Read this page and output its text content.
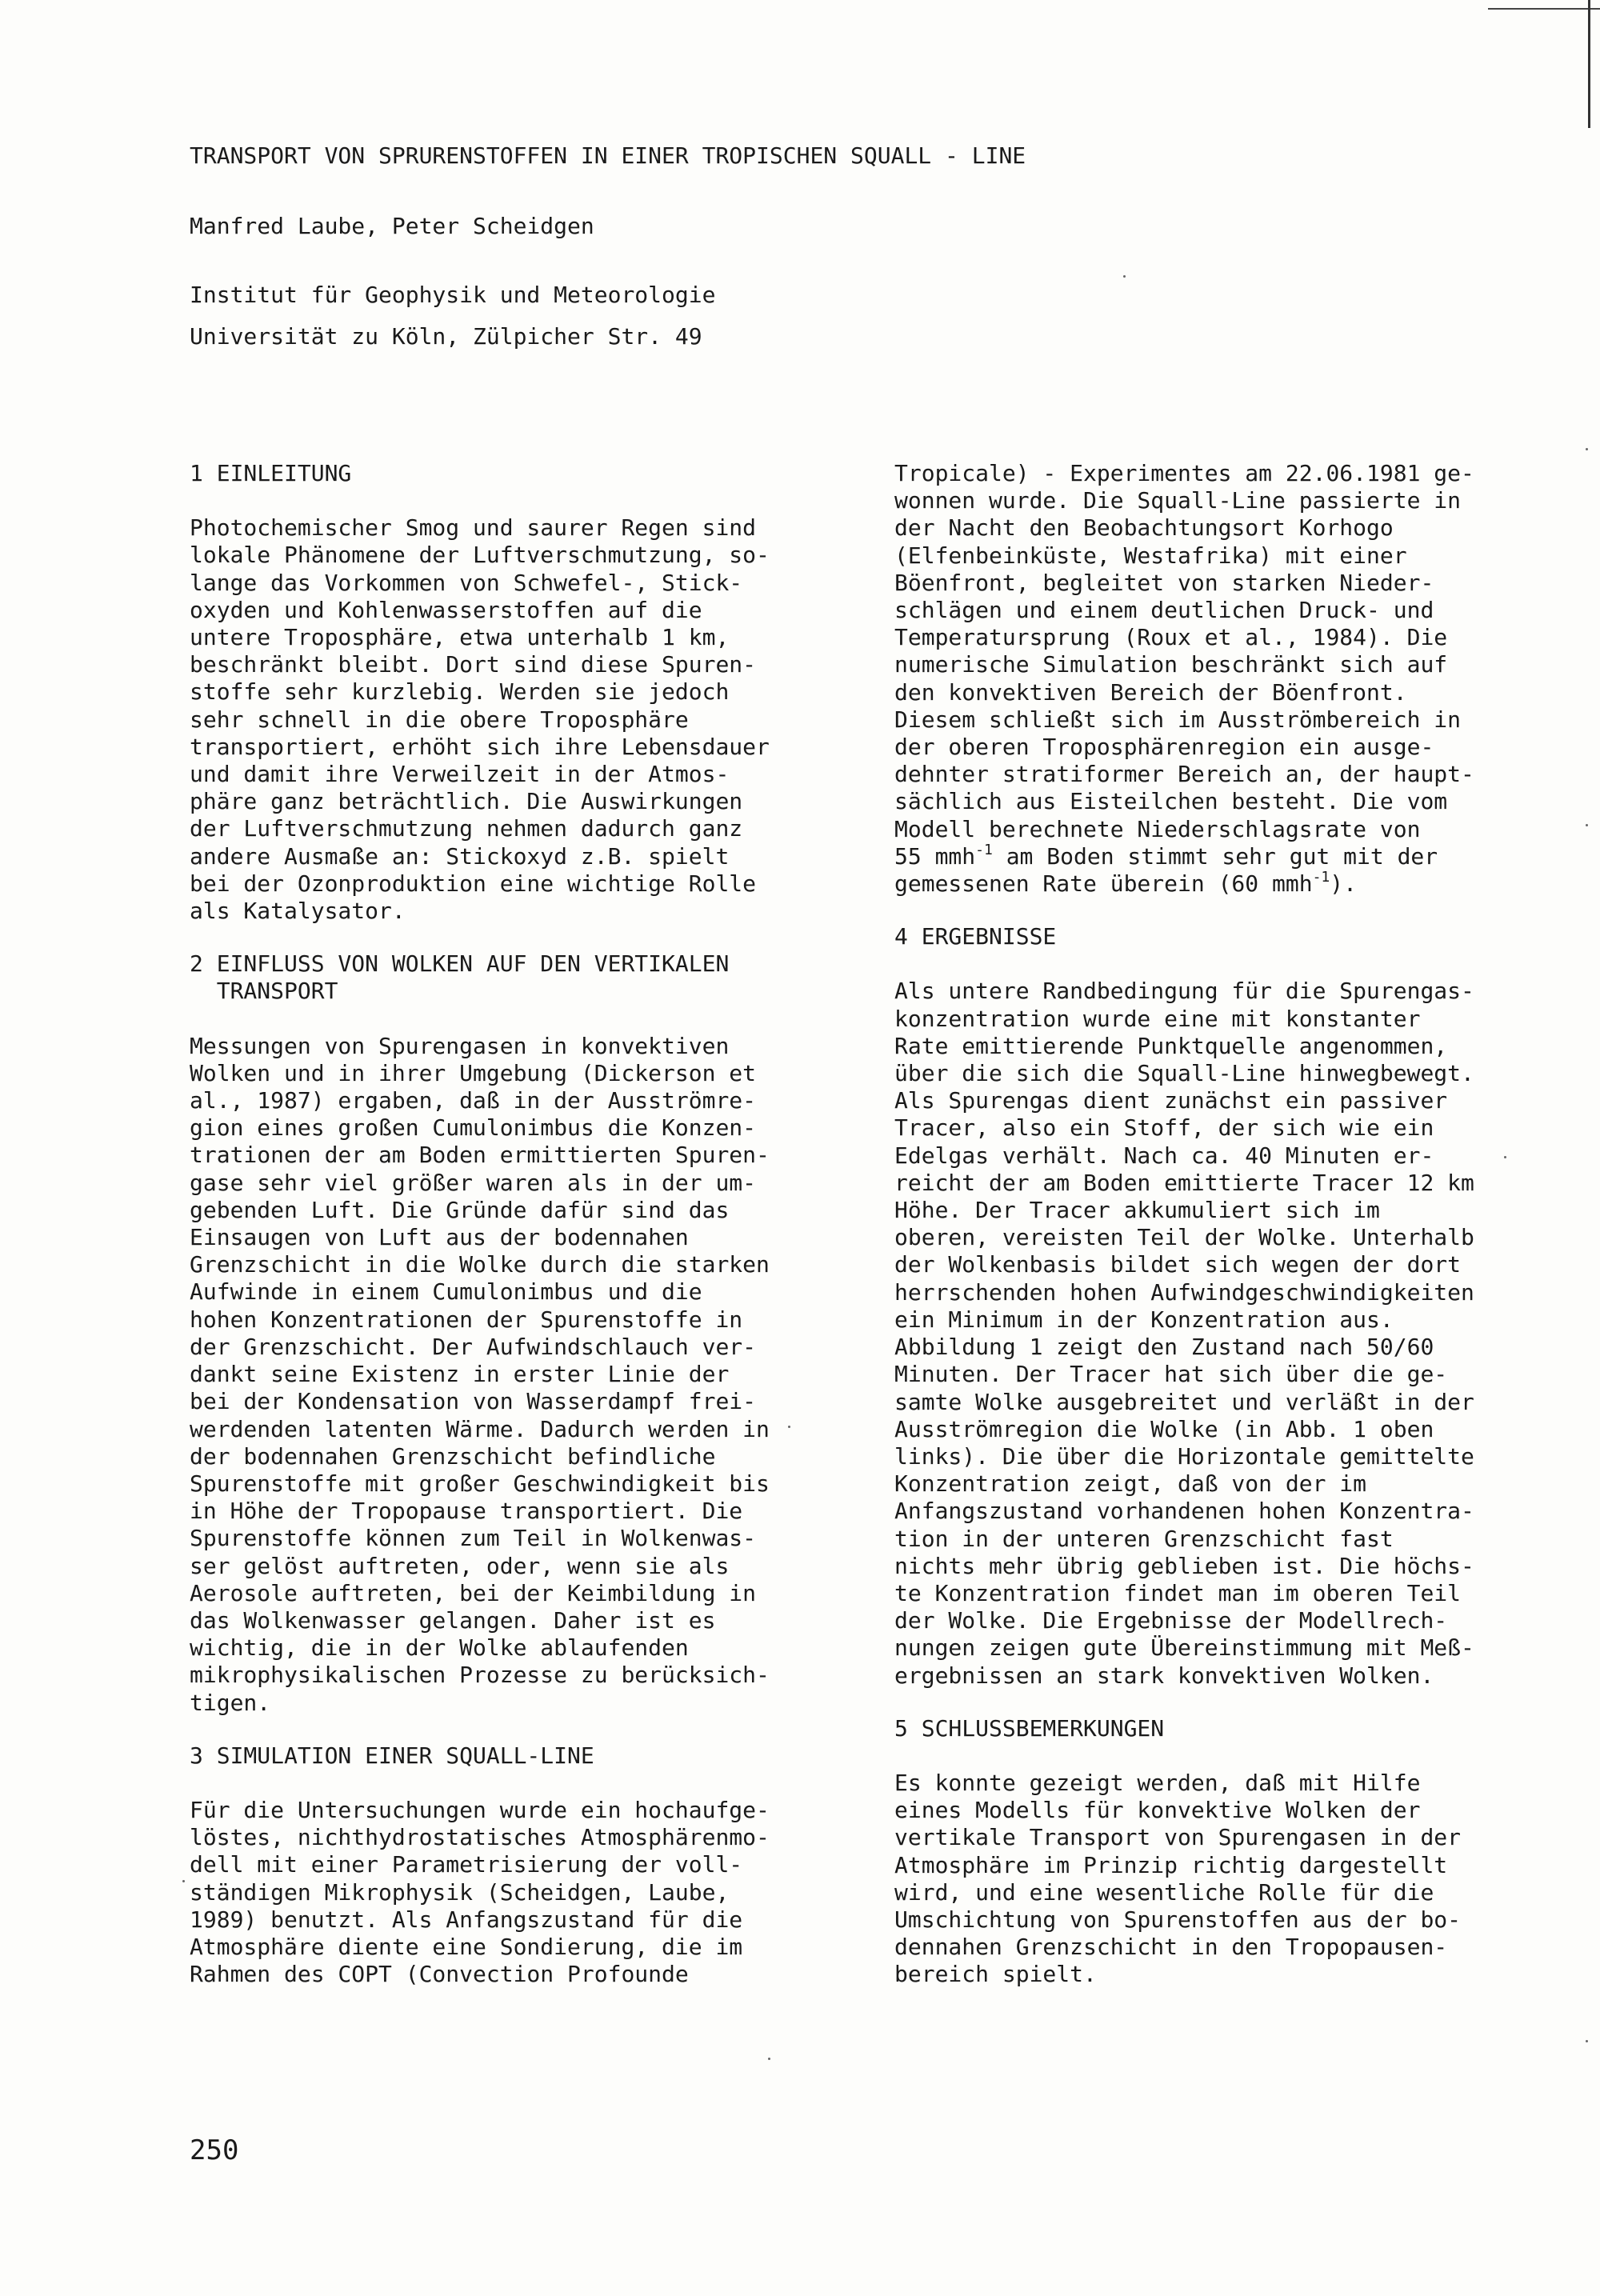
TRANSPORT VON SPRURENSTOFFEN IN EINER TROPISCHEN SQUALL - LINE
Manfred Laube, Peter Scheidgen
Institut für Geophysik und Meteorologie
Universität zu Köln, Zülpicher Str. 49
1 EINLEITUNG
Photochemischer Smog und saurer Regen sind
lokale Phänomene der Luftverschmutzung, so-
lange das Vorkommen von Schwefel-, Stick-
oxyden und Kohlenwasserstoffen auf die
untere Troposphäre, etwa unterhalb 1 km,
beschränkt bleibt. Dort sind diese Spuren-
stoffe sehr kurzlebig. Werden sie jedoch
sehr schnell in die obere Troposphäre
transportiert, erhöht sich ihre Lebensdauer
und damit ihre Verweilzeit in der Atmos-
phäre ganz beträchtlich. Die Auswirkungen
der Luftverschmutzung nehmen dadurch ganz
andere Ausmaße an: Stickoxyd z.B. spielt
bei der Ozonproduktion eine wichtige Rolle
als Katalysator.
2 EINFLUSS VON WOLKEN AUF DEN VERTIKALEN
TRANSPORT
Messungen von Spurengasen in konvektiven
Wolken und in ihrer Umgebung (Dickerson et
al., 1987) ergaben, daß in der Ausströmre-
gion eines großen Cumulonimbus die Konzen-
trationen der am Boden ermittierten Spuren-
gase sehr viel größer waren als in der um-
gebenden Luft. Die Gründe dafür sind das
Einsaugen von Luft aus der bodennahen
Grenzschicht in die Wolke durch die starken
Aufwinde in einem Cumulonimbus und die
hohen Konzentrationen der Spurenstoffe in
der Grenzschicht. Der Aufwindschlauch ver-
dankt seine Existenz in erster Linie der
bei der Kondensation von Wasserdampf frei-
werdenden latenten Wärme. Dadurch werden in
der bodennahen Grenzschicht befindliche
Spurenstoffe mit großer Geschwindigkeit bis
in Höhe der Tropopause transportiert. Die
Spurenstoffe können zum Teil in Wolkenwas-
ser gelöst auftreten, oder, wenn sie als
Aerosole auftreten, bei der Keimbildung in
das Wolkenwasser gelangen. Daher ist es
wichtig, die in der Wolke ablaufenden
mikrophysikalischen Prozesse zu berücksich-
tigen.
3 SIMULATION EINER SQUALL-LINE
Für die Untersuchungen wurde ein hochaufge-
löstes, nichthydrostatisches Atmosphärenmo-
dell mit einer Parametrisierung der voll-
ständigen Mikrophysik (Scheidgen, Laube,
1989) benutzt. Als Anfangszustand für die
Atmosphäre diente eine Sondierung, die im
Rahmen des COPT (Convection Profounde
Tropicale) - Experimentes am 22.06.1981 ge-
wonnen wurde. Die Squall-Line passierte in
der Nacht den Beobachtungsort Korhogo
(Elfenbeinküste, Westafrika) mit einer
Böenfront, begleitet von starken Nieder-
schlägen und einem deutlichen Druck- und
Temperatursprung (Roux et al., 1984). Die
numerische Simulation beschränkt sich auf
den konvektiven Bereich der Böenfront.
Diesem schließt sich im Ausströmbereich in
der oberen Troposphärenregion ein ausge-
dehnter stratiformer Bereich an, der haupt-
sächlich aus Eisteilchen besteht. Die vom
Modell berechnete Niederschlagsrate von
55 mmh$^{-1}$ am Boden stimmt sehr gut mit der
gemessenen Rate überein (60 mmh$^{-1}$).
4 ERGEBNISSE
Als untere Randbedingung für die Spurengas-
konzentration wurde eine mit konstanter
Rate emittierende Punktquelle angenommen,
über die sich die Squall-Line hinwegbewegt.
Als Spurengas dient zunächst ein passiver
Tracer, also ein Stoff, der sich wie ein
Edelgas verhält. Nach ca. 40 Minuten er-
reicht der am Boden emittierte Tracer 12 km
Höhe. Der Tracer akkumuliert sich im
oberen, vereisten Teil der Wolke. Unterhalb
der Wolkenbasis bildet sich wegen der dort
herrschenden hohen Aufwindgeschwindigkeiten
ein Minimum in der Konzentration aus.
Abbildung 1 zeigt den Zustand nach 50/60
Minuten. Der Tracer hat sich über die ge-
samte Wolke ausgebreitet und verläßt in der
Ausströmregion die Wolke (in Abb. 1 oben
links). Die über die Horizontale gemittelte
Konzentration zeigt, daß von der im
Anfangszustand vorhandenen hohen Konzentra-
tion in der unteren Grenzschicht fast
nichts mehr übrig geblieben ist. Die höchs-
te Konzentration findet man im oberen Teil
der Wolke. Die Ergebnisse der Modellrech-
nungen zeigen gute Übereinstimmung mit Meß-
ergebnissen an stark konvektiven Wolken.
5 SCHLUSSBEMERKUNGEN
Es konnte gezeigt werden, daß mit Hilfe
eines Modells für konvektive Wolken der
vertikale Transport von Spurengasen in der
Atmosphäre im Prinzip richtig dargestellt
wird, und eine wesentliche Rolle für die
Umschichtung von Spurenstoffen aus der bo-
dennahen Grenzschicht in den Tropopausen-
bereich spielt.
250
